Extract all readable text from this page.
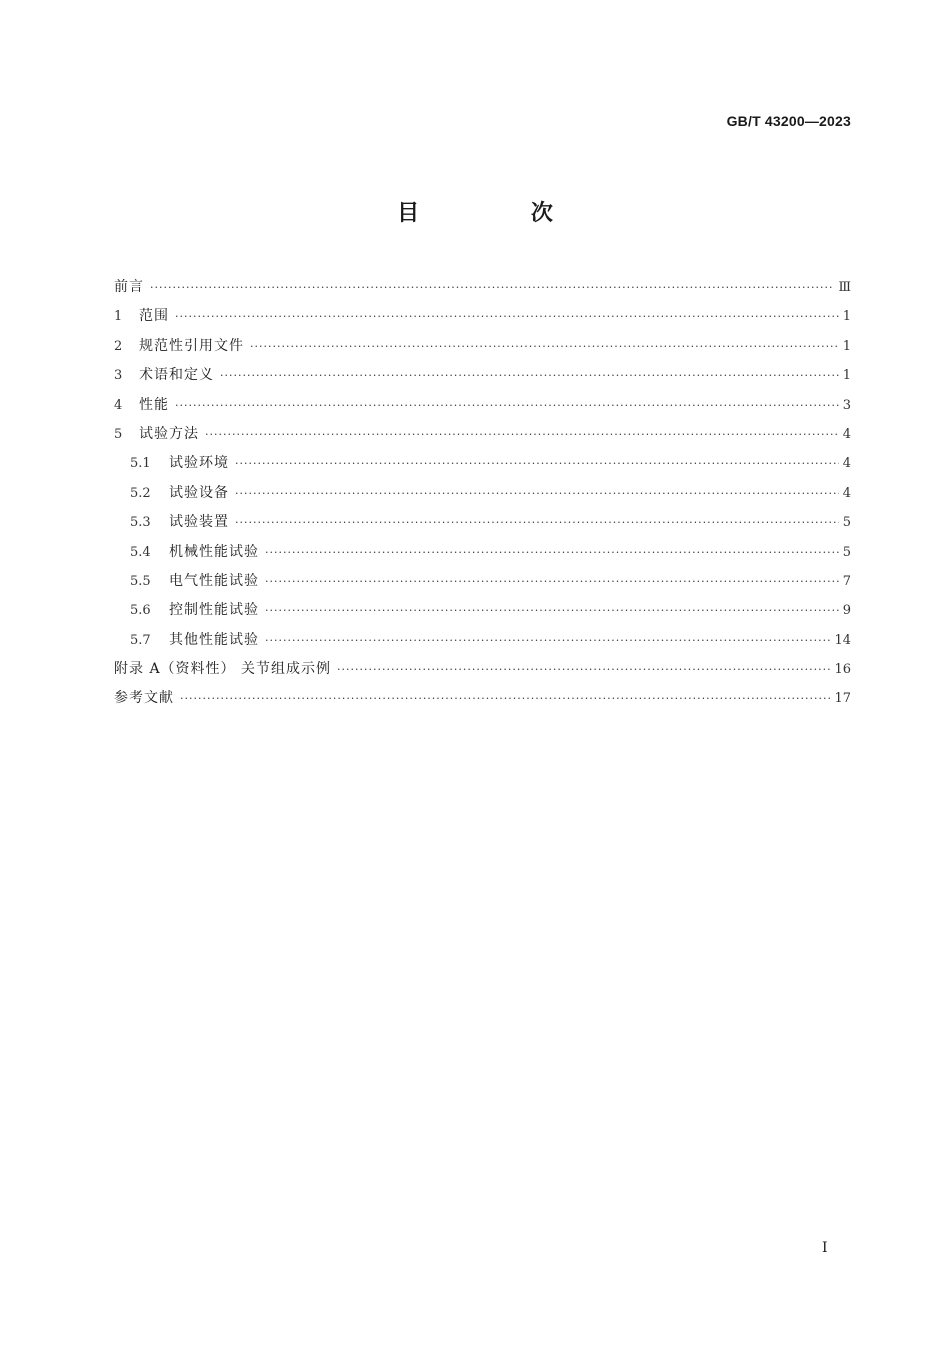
GB/T 43200—2023
目 次
前言 ·····	Ⅲ
1	范围 ·····	1
2	规范性引用文件 ·····	1
3	术语和定义 ·····	1
4	性能 ·····	3
5	试验方法 ·····	4
5.1	试验环境 ·····	4
5.2	试验设备 ·····	4
5.3	试验装置 ·····	5
5.4	机械性能试验 ·····	5
5.5	电气性能试验 ·····	7
5.6	控制性能试验 ·····	9
5.7	其他性能试验 ·····	14
附录 A（资料性） 关节组成示例 ·····	16
参考文献 ·····	17
I
